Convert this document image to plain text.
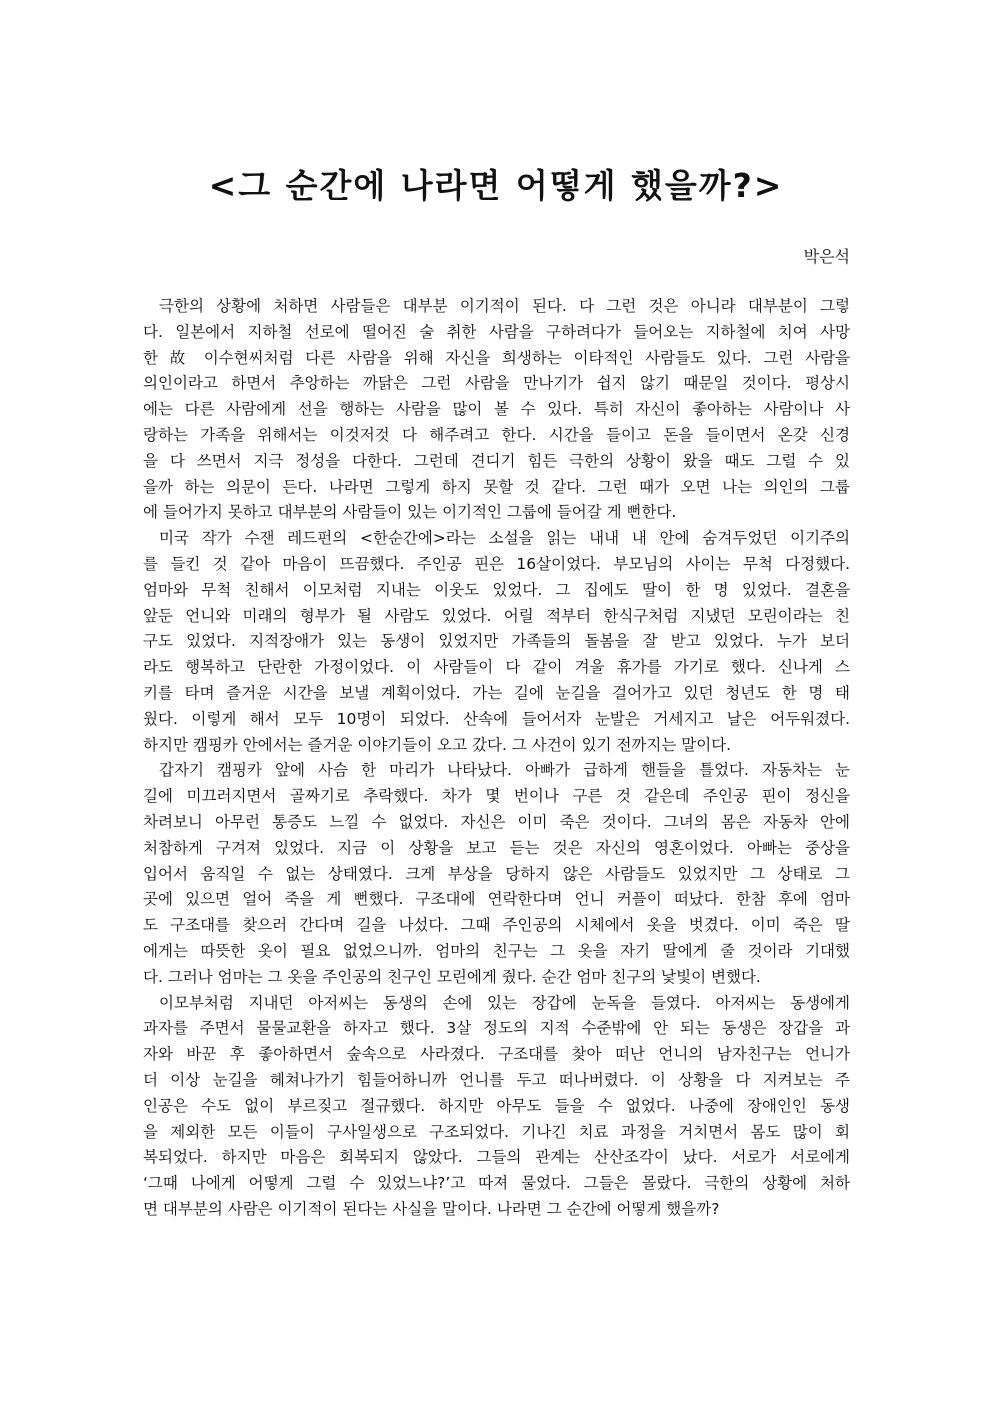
<그 순간에 나라면 어떻게 했을까?>
박은석
극한의 상황에 처하면 사람들은 대부분 이기적이 된다. 다 그런 것은 아니라 대부분이 그렇
다. 일본에서 지하철 선로에 떨어진 술 취한 사람을 구하려다가 들어오는 지하철에 치여 사망
한 故 이수현씨처럼 다른 사람을 위해 자신을 희생하는 이타적인 사람들도 있다. 그런 사람을
의인이라고 하면서 추앙하는 까닭은 그런 사람을 만나기가 쉽지 않기 때문일 것이다. 평상시
에는 다른 사람에게 선을 행하는 사람을 많이 볼 수 있다. 특히 자신이 좋아하는 사람이나 사
랑하는 가족을 위해서는 이것저것 다 해주려고 한다. 시간을 들이고 돈을 들이면서 온갖 신경
을 다 쓰면서 지극 정성을 다한다. 그런데 견디기 힘든 극한의 상황이 왔을 때도 그럴 수 있
을까 하는 의문이 든다. 나라면 그렇게 하지 못할 것 같다. 그런 때가 오면 나는 의인의 그룹
에 들어가지 못하고 대부분의 사람들이 있는 이기적인 그룹에 들어갈 게 뻔한다.
미국 작가 수잰 레드펀의 <한순간에>라는 소설을 읽는 내내 내 안에 숨겨두었던 이기주의
를 들킨 것 같아 마음이 뜨끔했다. 주인공 핀은 16살이었다. 부모님의 사이는 무척 다정했다.
엄마와 무척 친해서 이모처럼 지내는 이웃도 있었다. 그 집에도 딸이 한 명 있었다. 결혼을
앞둔 언니와 미래의 형부가 될 사람도 있었다. 어릴 적부터 한식구처럼 지냈던 모린이라는 친
구도 있었다. 지적장애가 있는 동생이 있었지만 가족들의 돌봄을 잘 받고 있었다. 누가 보더
라도 행복하고 단란한 가정이었다. 이 사람들이 다 같이 겨울 휴가를 가기로 했다. 신나게 스
키를 타며 즐거운 시간을 보낼 계획이었다. 가는 길에 눈길을 걸어가고 있던 청년도 한 명 태
웠다. 이렇게 해서 모두 10명이 되었다. 산속에 들어서자 눈발은 거세지고 날은 어두워졌다.
하지만 캠핑카 안에서는 즐거운 이야기들이 오고 갔다. 그 사건이 있기 전까지는 말이다.
갑자기 캠핑카 앞에 사슴 한 마리가 나타났다. 아빠가 급하게 핸들을 틀었다. 자동차는 눈
길에 미끄러지면서 골짜기로 추락했다. 차가 몇 번이나 구른 것 같은데 주인공 핀이 정신을
차려보니 아무런 통증도 느낄 수 없었다. 자신은 이미 죽은 것이다. 그녀의 몸은 자동차 안에
처참하게 구겨져 있었다. 지금 이 상황을 보고 듣는 것은 자신의 영혼이었다. 아빠는 중상을
입어서 움직일 수 없는 상태였다. 크게 부상을 당하지 않은 사람들도 있었지만 그 상태로 그
곳에 있으면 얼어 죽을 게 뻔했다. 구조대에 연락한다며 언니 커플이 떠났다. 한참 후에 엄마
도 구조대를 찾으러 간다며 길을 나섰다. 그때 주인공의 시체에서 옷을 벗겼다. 이미 죽은 딸
에게는 따뜻한 옷이 필요 없었으니까. 엄마의 친구는 그 옷을 자기 딸에게 줄 것이라 기대했
다. 그러나 엄마는 그 옷을 주인공의 친구인 모린에게 줬다. 순간 엄마 친구의 낯빛이 변했다.
이모부처럼 지내던 아저씨는 동생의 손에 있는 장갑에 눈독을 들였다. 아저씨는 동생에게
과자를 주면서 물물교환을 하자고 했다. 3살 정도의 지적 수준밖에 안 되는 동생은 장갑을 과
자와 바꾼 후 좋아하면서 숲속으로 사라졌다. 구조대를 찾아 떠난 언니의 남자친구는 언니가
더 이상 눈길을 헤쳐나가기 힘들어하니까 언니를 두고 떠나버렸다. 이 상황을 다 지켜보는 주
인공은 수도 없이 부르짖고 절규했다. 하지만 아무도 들을 수 없었다. 나중에 장애인인 동생
을 제외한 모든 이들이 구사일생으로 구조되었다. 기나긴 치료 과정을 거치면서 몸도 많이 회
복되었다. 하지만 마음은 회복되지 않았다. 그들의 관계는 산산조각이 났다. 서로가 서로에게
‘그때 나에게 어떻게 그럴 수 있었느냐?’고 따져 물었다. 그들은 몰랐다. 극한의 상황에 처하
면 대부분의 사람은 이기적이 된다는 사실을 말이다. 나라면 그 순간에 어떻게 했을까?
